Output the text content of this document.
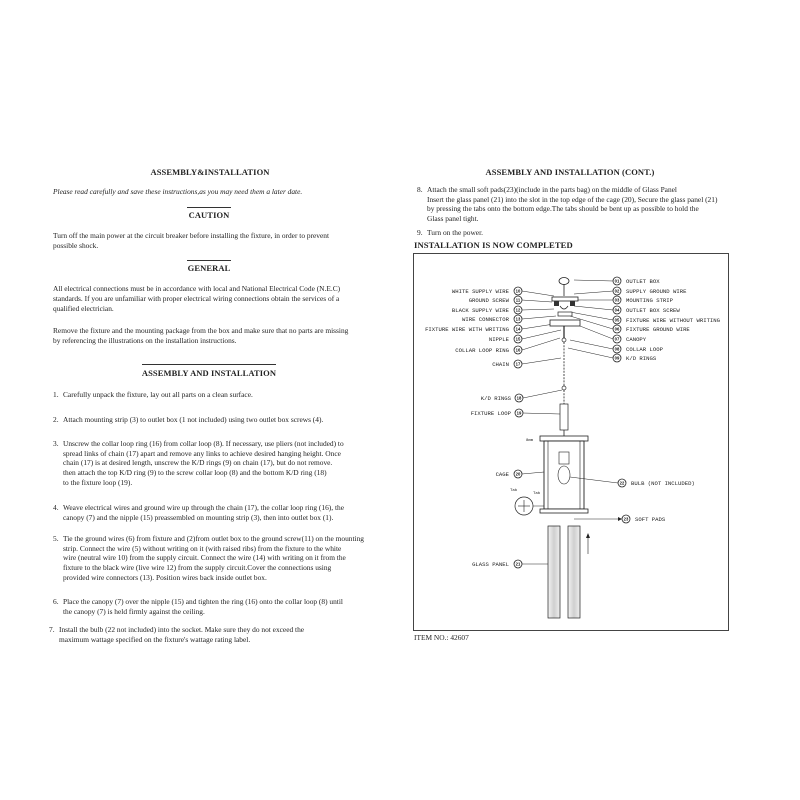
ASSEMBLY&INSTALLATION
Please read carefully and save these instructions,as you may need them a later date.
CAUTION
Turn off the main power at the circuit breaker before installing the fixture, in order to prevent
possible shock.
GENERAL
All electrical connections must be in accordance with local and National Electrical Code (N.E.C)
standards. If you are unfamiliar with proper electrical wiring connections obtain the services of a
qualified electrician.
Remove the fixture and the mounting package from the box and make sure that no parts are missing
by referencing the illustrations on the installation instructions.
ASSEMBLY AND INSTALLATION
1. Carefully unpack the fixture, lay out all parts on a clean surface.
2. Attach mounting strip (3) to outlet box (1 not included) using two outlet box screws (4).
3. Unscrew the collar loop ring (16) from collar loop (8). If necessary, use pliers (not included) to
spread links of chain (17) apart and remove any links to achieve desired hanging height. Once
chain (17) is at desired length, unscrew the K/D rings (9) on chain (17), but do not remove.
then attach the top K/D ring (9) to the screw collar loop (8) and the bottom K/D ring (18)
to the fixture loop (19).
4. Weave electrical wires and ground wire up through the chain (17), the collar loop ring (16), the
canopy (7) and the nipple (15) preassembled on mounting strip (3), then into outlet box (1).
5. Tie the ground wires (6) from fixture and (2)from outlet box to the ground screw(11) on the mounting
strip. Connect the wire (5) without writing on it (with raised ribs) from the fixture to the white
wire (neutral wire 10) from the supply circuit. Connect the wire (14) with writing on it from the
fixture to the black wire (live wire 12) from the supply circuit.Cover the connections using
provided wire connectors (13). Position wires back inside outlet box.
6. Place the canopy (7) over the nipple (15) and tighten the ring (16) onto the collar loop (8) until
the canopy (7) is held firmly against the ceiling.
7. Install the bulb (22 not included) into the socket. Make sure they do not exceed the
maximum wattage specified on the fixture's wattage rating label.
ASSEMBLY AND INSTALLATION (CONT.)
8. Attach the small soft pads(23)(include in the parts bag) on the middle of Glass Panel
Insert the glass panel (21) into the slot in the top edge of the cage (20), Secure the glass panel (21)
by pressing the tabs onto the bottom edge.The tabs should be bent up as possible to hold the
Glass panel tight.
9. Turn on the power.
INSTALLATION IS NOW COMPLETED
WHITE SUPPLY WIRE 10
GROUND SCREW 11
BLACK SUPPLY WIRE 12
WIRE CONNECTOR 13
FIXTURE WIRE WITH WRITING 14
NIPPLE 15
COLLAR LOOP RING 16
CHAIN 17
01 OUTLET BOX
02 SUPPLY GROUND WIRE
03 MOUNTING STRIP
04 OUTLET BOX SCREW
05 FIXTURE WIRE WITHOUT WRITING
06 FIXTURE GROUND WIRE
07 CANOPY
08 COLLAR LOOP
09 K/D RINGS
K/D RINGS 18
FIXTURE LOOP 19
8mm
CAGE 20
Tab
Tab
22 BULB (NOT INCLUDED)
23 SOFT PADS
GLASS PANEL 21
ITEM NO.: 42607
